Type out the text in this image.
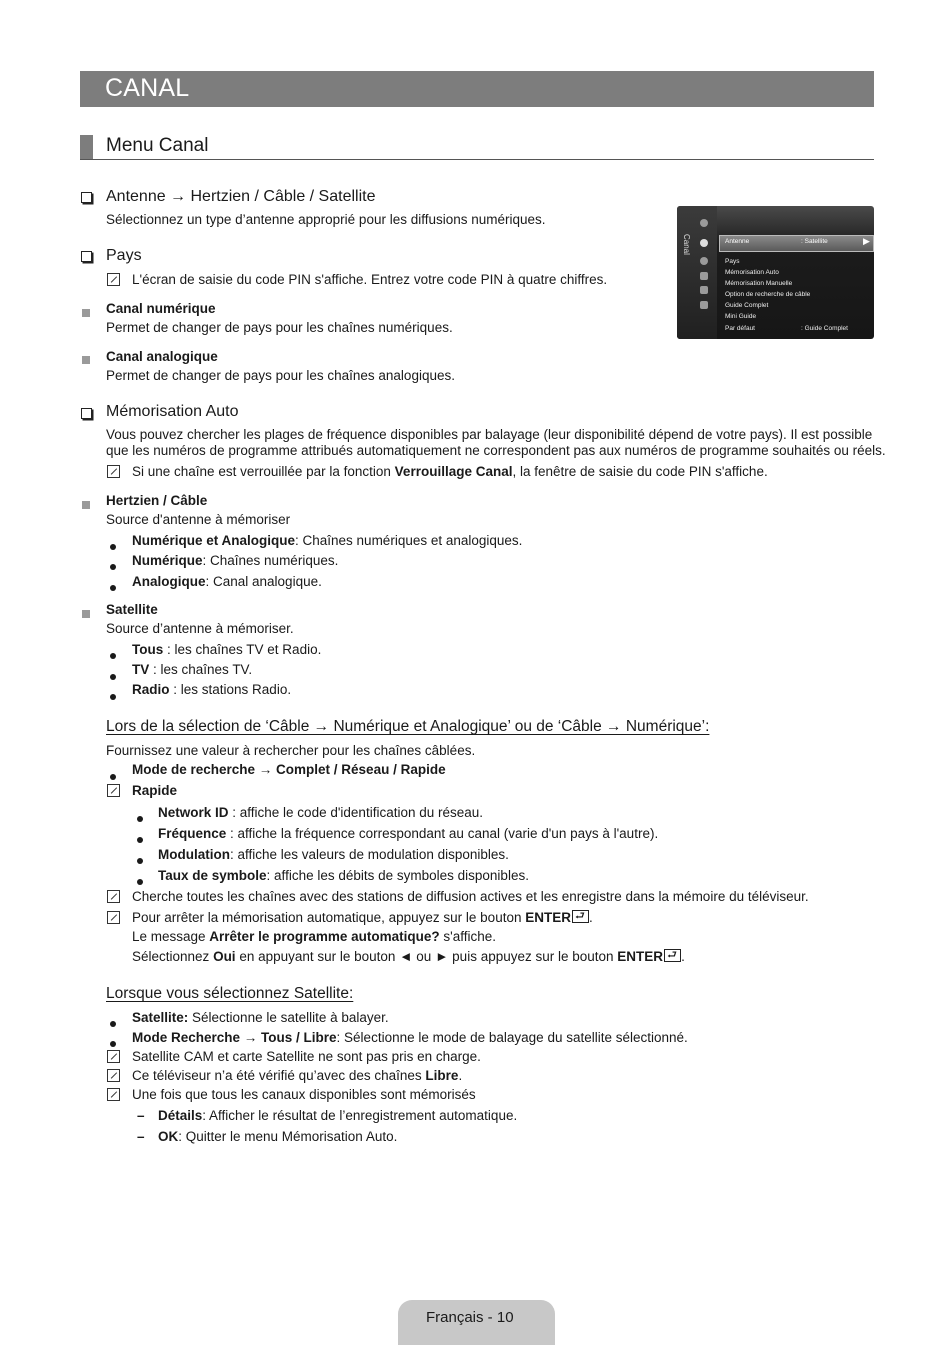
CANAL
Menu Canal
Antenne → Hertzien / Câble / Satellite
Sélectionnez un type d’antenne approprié pour les diffusions numériques.
Pays
L'écran de saisie du code PIN s'affiche. Entrez votre code PIN à quatre chiffres.
Canal numérique
Permet de changer de pays pour les chaînes numériques.
Canal analogique
Permet de changer de pays pour les chaînes analogiques.
Canal	Antenne	: Satellite	▶
Pays
Mémorisation Auto
Mémorisation Manuelle
Option de recherche de câble
Guide Complet
Mini Guide
Par défaut	: Guide Complet
Mémorisation Auto
Vous pouvez chercher les plages de fréquence disponibles par balayage (leur disponibilité dépend de votre pays). Il est possible
que les numéros de programme attribués automatiquement ne correspondent pas aux numéros de programme souhaités ou réels.
Si une chaîne est verrouillée par la fonction Verrouillage Canal, la fenêtre de saisie du code PIN s'affiche.
Hertzien / Câble
Source d'antenne à mémoriser
Numérique et Analogique: Chaînes numériques et analogiques.
Numérique: Chaînes numériques.
Analogique: Canal analogique.
Satellite
Source d’antenne à mémoriser.
Tous : les chaînes TV et Radio.
TV : les chaînes TV.
Radio : les stations Radio.
Lors de la sélection de ‘Câble → Numérique et Analogique’ ou de ‘Câble → Numérique’:
Fournissez une valeur à rechercher pour les chaînes câblées.
Mode de recherche → Complet / Réseau / Rapide
Rapide
Network ID : affiche le code d'identification du réseau.
Fréquence : affiche la fréquence correspondant au canal (varie d'un pays à l'autre).
Modulation: affiche les valeurs de modulation disponibles.
Taux de symbole: affiche les débits de symboles disponibles.
Cherche toutes les chaînes avec des stations de diffusion actives et les enregistre dans la mémoire du téléviseur.
Pour arrêter la mémorisation automatique, appuyez sur le bouton ENTER ⮐ .
Le message Arrêter le programme automatique? s'affiche.
Sélectionnez Oui en appuyant sur le bouton ◄ ou ► puis appuyez sur le bouton ENTER ⮐ .
Lorsque vous sélectionnez Satellite:
Satellite: Sélectionne le satellite à balayer.
Mode Recherche → Tous / Libre: Sélectionne le mode de balayage du satellite sélectionné.
Satellite CAM et carte Satellite ne sont pas pris en charge.
Ce téléviseur n’a été vérifié qu’avec des chaînes Libre.
Une fois que tous les canaux disponibles sont mémorisés
– Détails: Afficher le résultat de l’enregistrement automatique.
– OK: Quitter le menu Mémorisation Auto.
Français - 10
